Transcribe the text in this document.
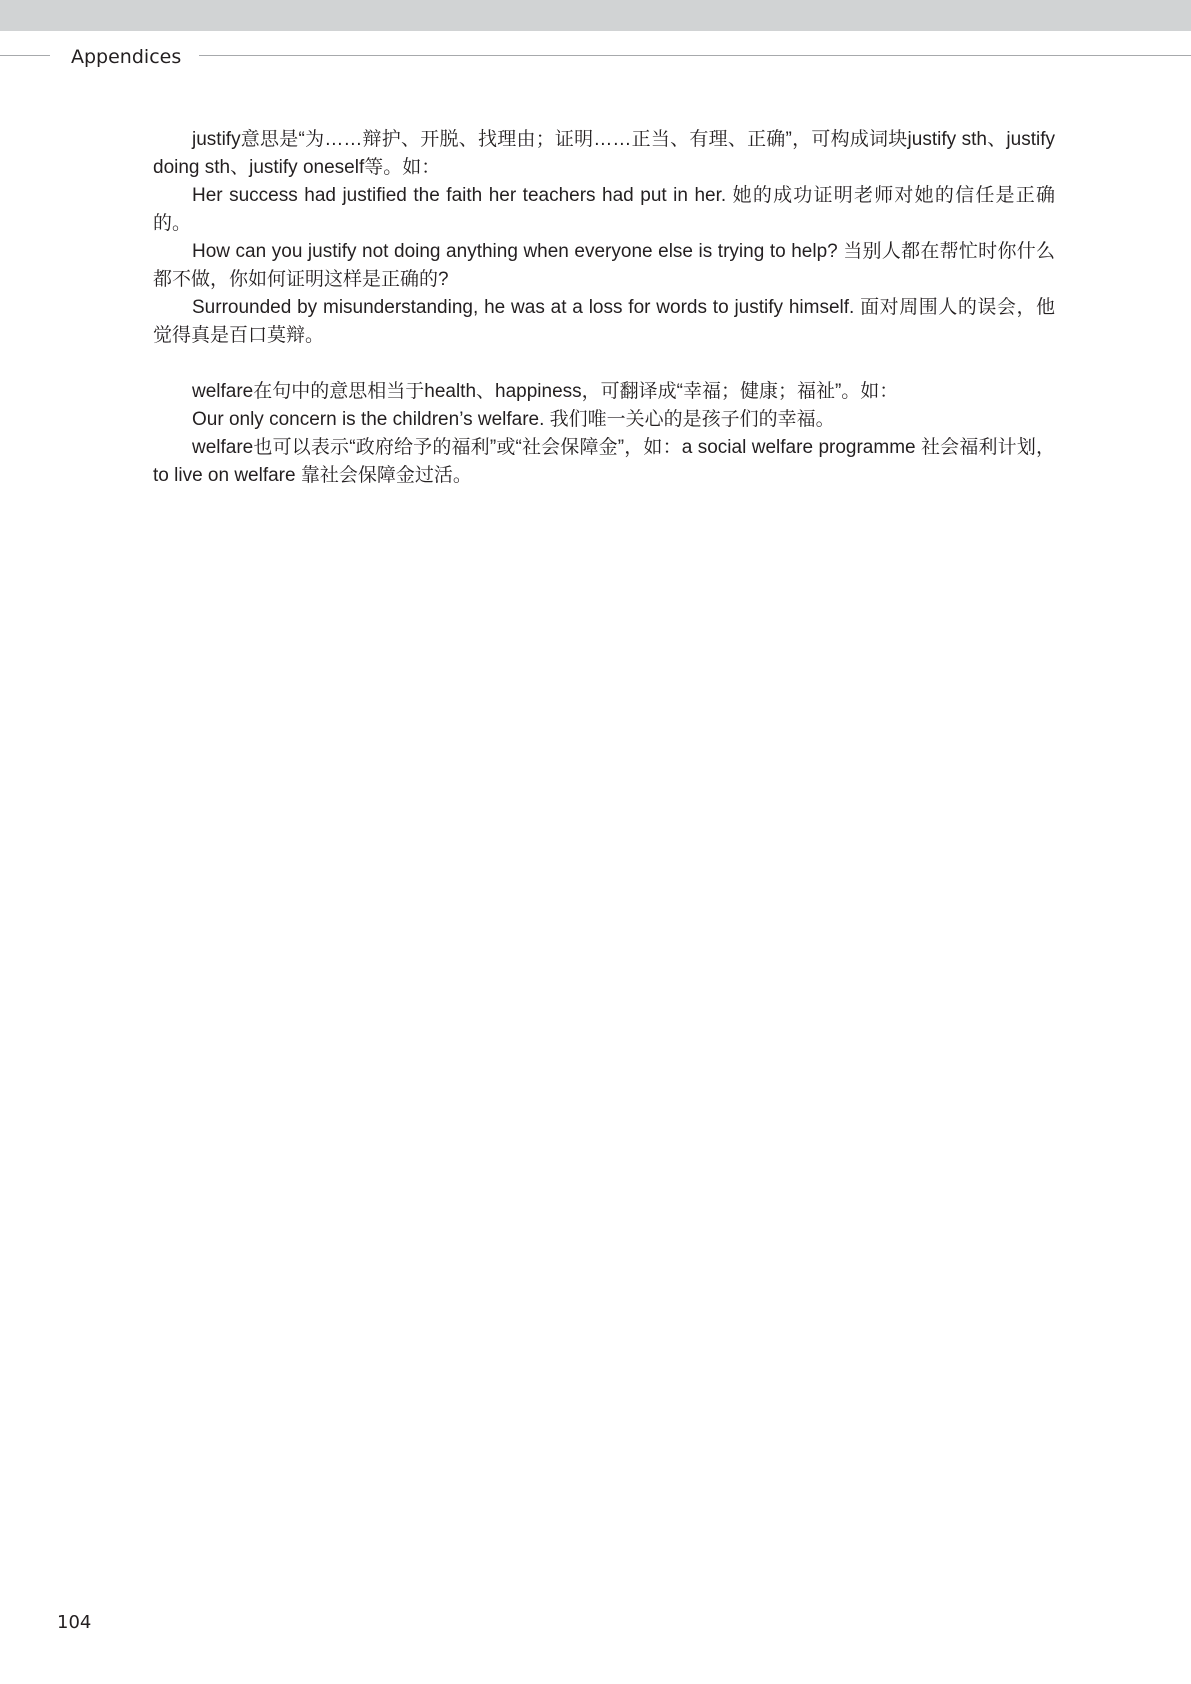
Appendices

justify意思是“为……辩护、开脱、找理由；证明……正当、有理、正确”，可构成词块justify sth、justify doing sth、justify oneself等。如：

Her success had justified the faith her teachers had put in her. 她的成功证明老师对她的信任是正确的。

How can you justify not doing anything when everyone else is trying to help? 当别人都在帮忙时你什么都不做，你如何证明这样是正确的?

Surrounded by misunderstanding, he was at a loss for words to justify himself. 面对周围人的误会，他觉得真是百口莫辩。

welfare在句中的意思相当于health、happiness，可翻译成“幸福；健康；福祉”。如：

Our only concern is the children’s welfare. 我们唯一关心的是孩子们的幸福。

welfare也可以表示“政府给予的福利”或“社会保障金”，如：a social welfare programme 社会福利计划，to live on welfare 靠社会保障金过活。

104
